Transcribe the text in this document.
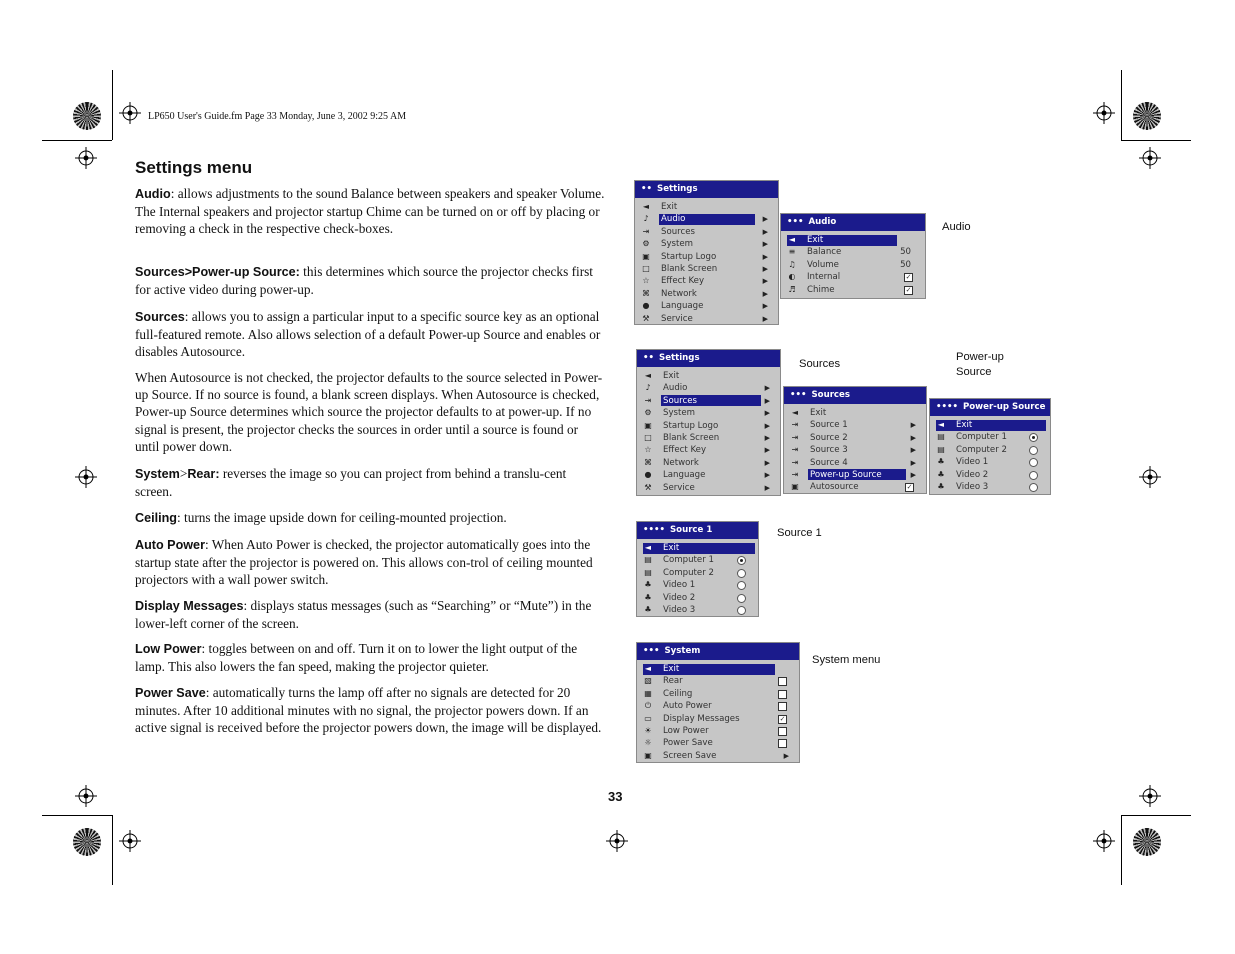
LP650 User's Guide.fm Page 33 Monday, June 3, 2002 9:25 AM
Settings menu

Audio: allows adjustments to the sound Balance between speakers and speaker Volume. The Internal speakers and projector startup Chime can be turned on or off by placing or removing a check in the respective check-boxes.

Sources>Power-up Source: this determines which source the projector checks first for active video during power-up.

Sources: allows you to assign a particular input to a specific source key as an optional full-featured remote. Also allows selection of a default Power-up Source and enables or disables Autosource.

When Autosource is not checked, the projector defaults to the source selected in Power-up Source. If no source is found, a blank screen displays. When Autosource is checked, Power-up Source determines which source the projector defaults to at power-up. If no signal is present, the projector checks the sources in order until a source is found or until power down.

System>Rear: reverses the image so you can project from behind a translu-cent screen.

Ceiling: turns the image upside down for ceiling-mounted projection.

Auto Power: When Auto Power is checked, the projector automatically goes into the startup state after the projector is powered on. This allows con-trol of ceiling mounted projectors with a wall power switch.

Display Messages: displays status messages (such as “Searching” or “Mute”) in the lower-left corner of the screen.

Low Power: toggles between on and off. Turn it on to lower the light output of the lamp. This also lowers the fan speed, making the projector quieter.

Power Save: automatically turns the lamp off after no signals are detected for 20 minutes. After 10 additional minutes with no signal, the projector powers down. If an active signal is received before the projector powers down, the image will be displayed.

33
Audio
Sources
Power-up
Source
Source 1
System menu
•• Settings
◄ Exit
♪ Audio	▶
⇥ Sources	▶
⚙ System	▶
▣ Startup Logo	▶
□ Blank Screen	▶
☆ Effect Key	▶
⌘ Network	▶
● Language	▶
⚒ Service	▶
••• Audio
◄ Exit
≡ Balance	50
♫ Volume	50
◐ Internal	✓
♬ Chime	✓
•• Settings
◄ Exit
♪ Audio	▶
⇥ Sources	▶
⚙ System	▶
▣ Startup Logo	▶
□ Blank Screen	▶
☆ Effect Key	▶
⌘ Network	▶
● Language	▶
⚒ Service	▶
••• Sources
◄ Exit
⇥ Source 1	▶
⇥ Source 2	▶
⇥ Source 3	▶
⇥ Source 4	▶
⇥ Power-up Source	▶
▣ Autosource	✓
•••• Power-up Source
◄ Exit
▤ Computer 1
▤ Computer 2
♣ Video 1
♣ Video 2
♣ Video 3
•••• Source 1
◄ Exit
▤ Computer 1
▤ Computer 2
♣ Video 1
♣ Video 2
♣ Video 3
••• System
◄ Exit
▧ Rear
▦ Ceiling
⏻ Auto Power
▭ Display Messages	✓
☀ Low Power
☼ Power Save
▣ Screen Save	▶
